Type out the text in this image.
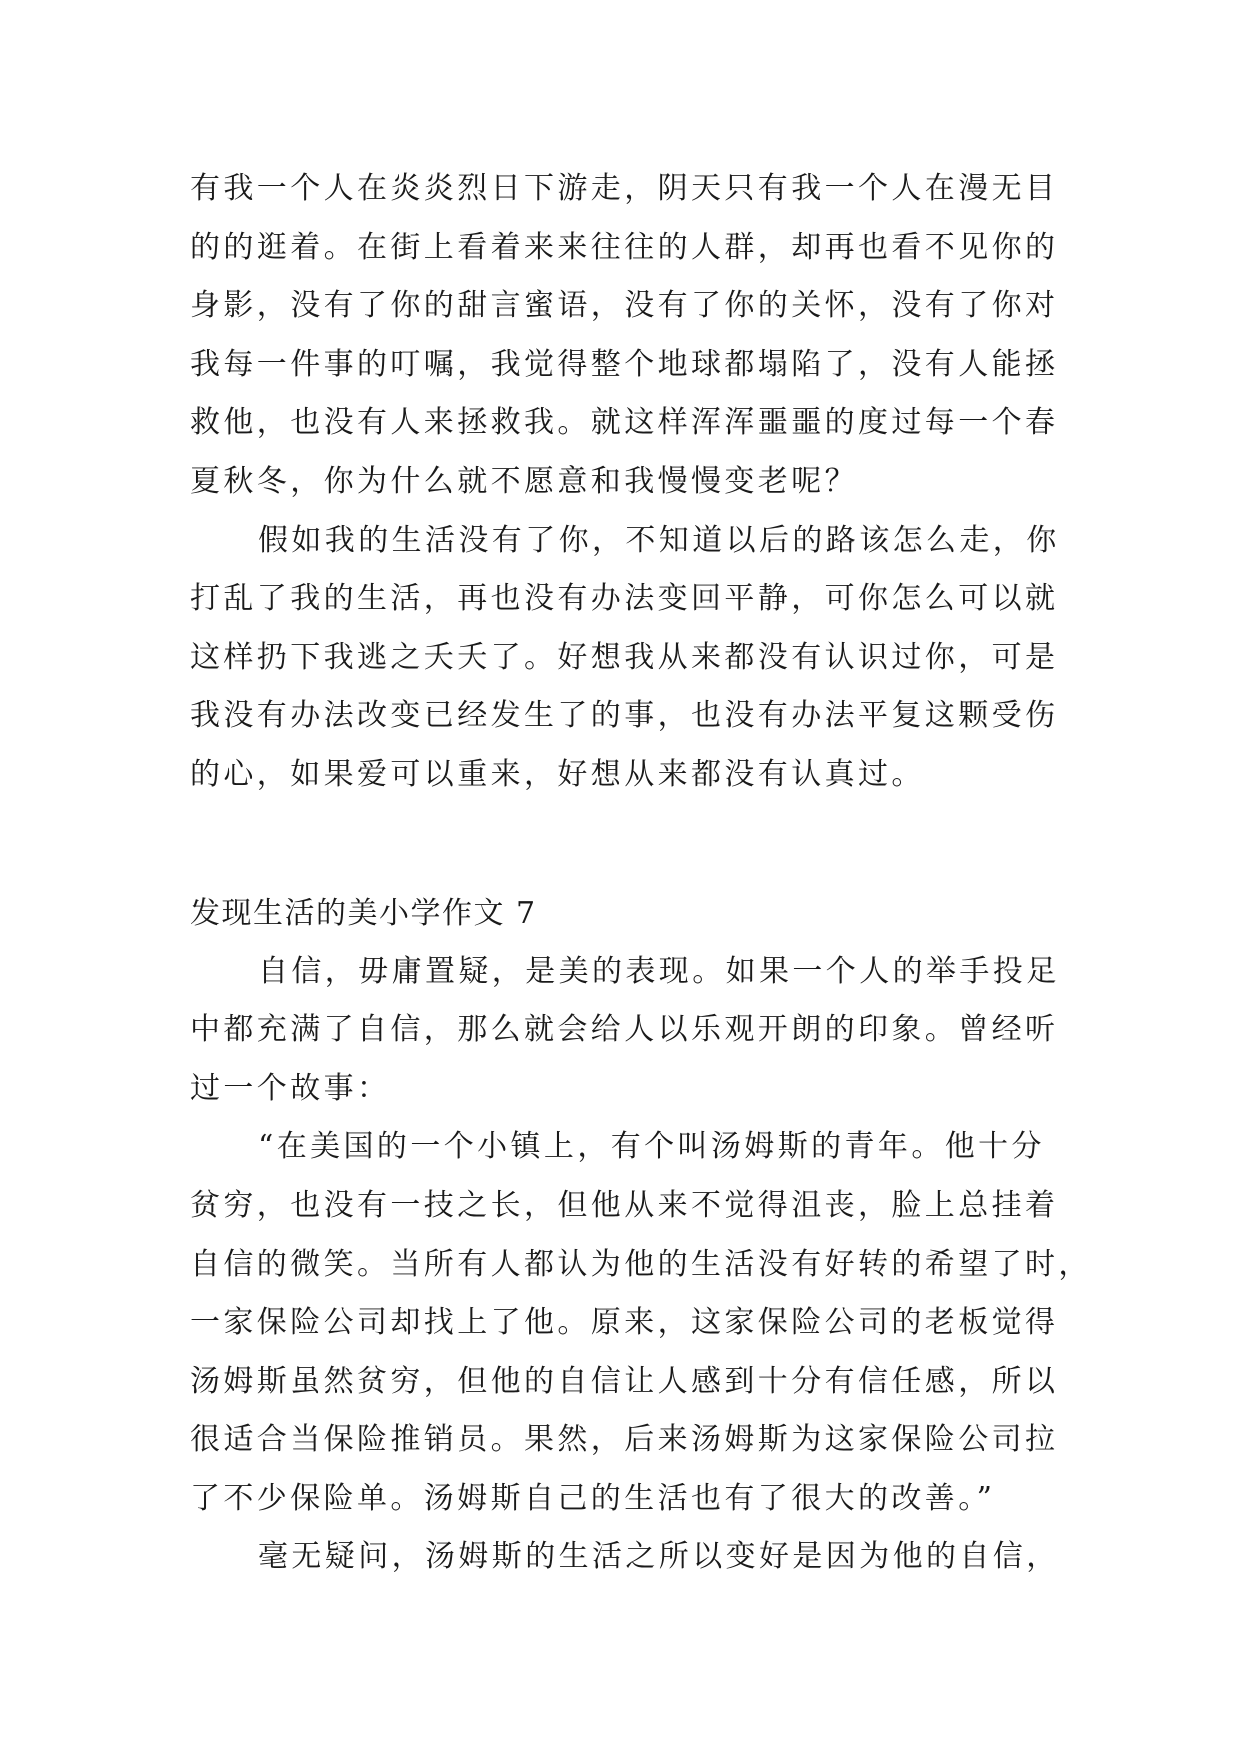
有我一个人在炎炎烈日下游走，阴天只有我一个人在漫无目
的的逛着。在街上看着来来往往的人群，却再也看不见你的
身影，没有了你的甜言蜜语，没有了你的关怀，没有了你对
我每一件事的叮嘱，我觉得整个地球都塌陷了，没有人能拯
救他，也没有人来拯救我。就这样浑浑噩噩的度过每一个春
夏秋冬，你为什么就不愿意和我慢慢变老呢？
假如我的生活没有了你，不知道以后的路该怎么走，你
打乱了我的生活，再也没有办法变回平静，可你怎么可以就
这样扔下我逃之夭夭了。好想我从来都没有认识过你，可是
我没有办法改变已经发生了的事，也没有办法平复这颗受伤
的心，如果爱可以重来，好想从来都没有认真过。
发现生活的美小学作文 7
自信，毋庸置疑，是美的表现。如果一个人的举手投足
中都充满了自信，那么就会给人以乐观开朗的印象。曾经听
过一个故事：
“在美国的一个小镇上，有个叫汤姆斯的青年。他十分
贫穷，也没有一技之长，但他从来不觉得沮丧，脸上总挂着
自信的微笑。当所有人都认为他的生活没有好转的希望了时，
一家保险公司却找上了他。原来，这家保险公司的老板觉得
汤姆斯虽然贫穷，但他的自信让人感到十分有信任感，所以
很适合当保险推销员。果然，后来汤姆斯为这家保险公司拉
了不少保险单。汤姆斯自己的生活也有了很大的改善。”
毫无疑问，汤姆斯的生活之所以变好是因为他的自信，
